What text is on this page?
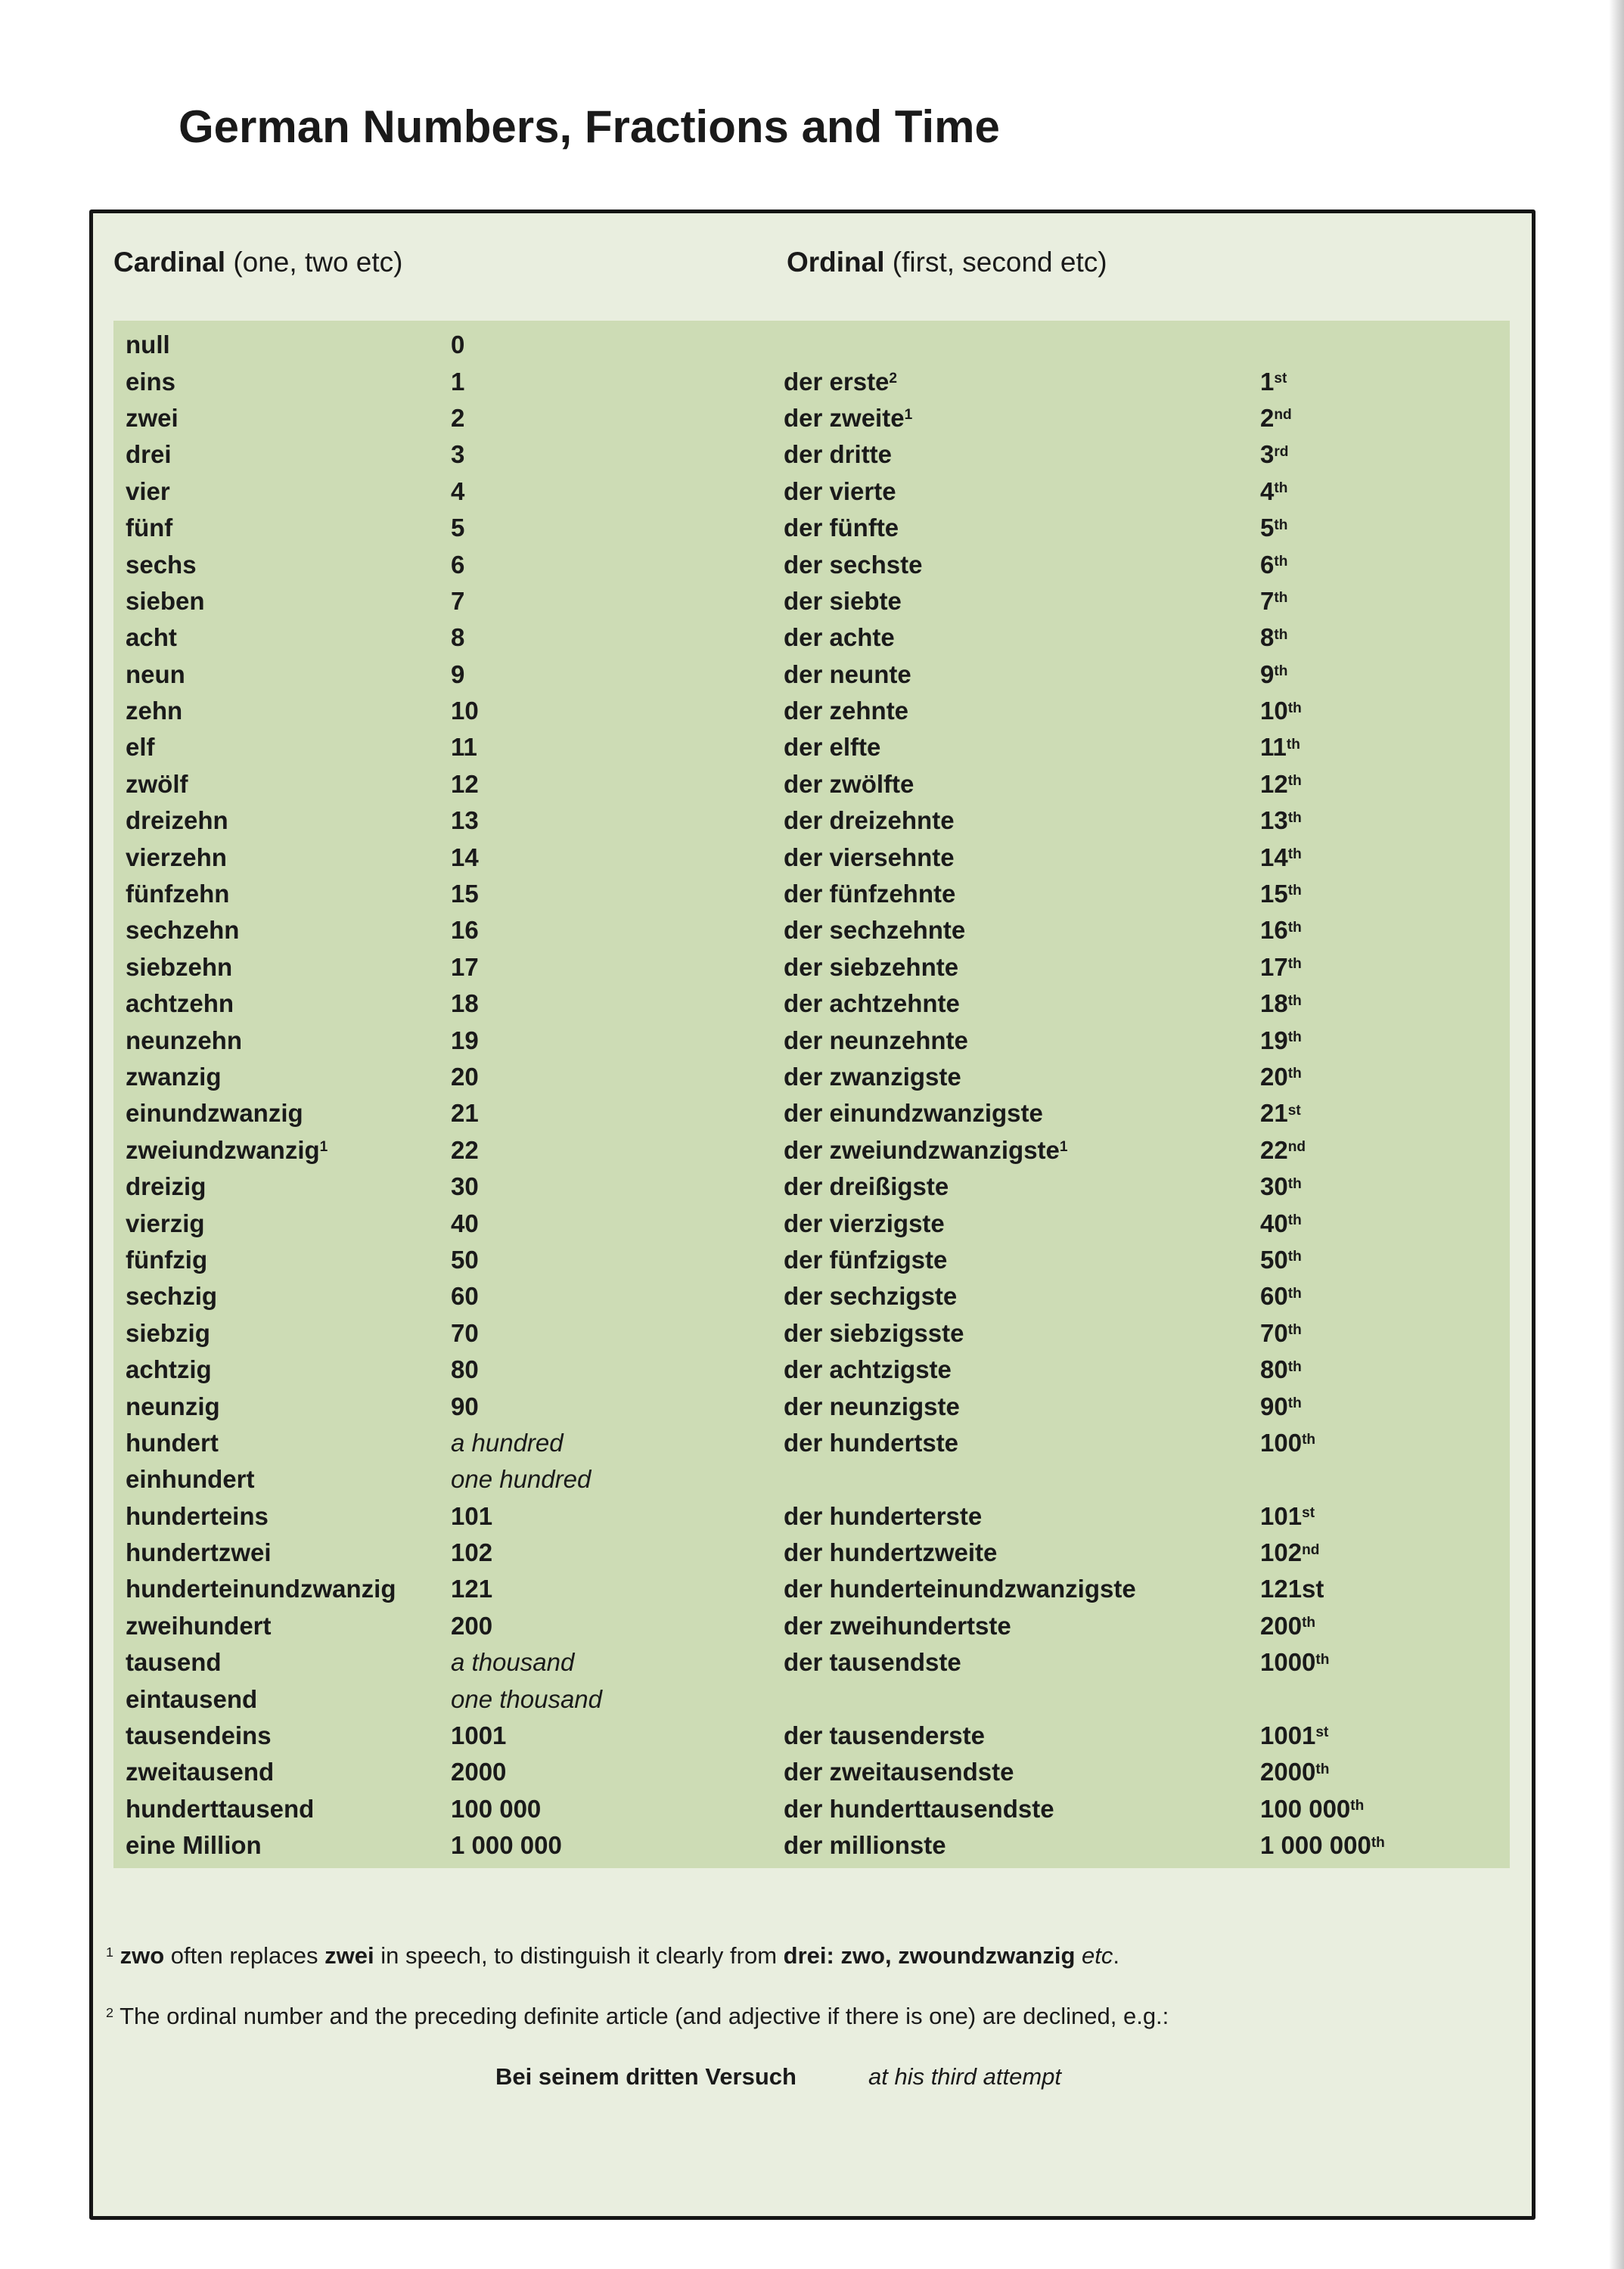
German Numbers, Fractions and Time
Cardinal (one, two etc)	Ordinal (first, second etc)
null	0
eins	1	der erste$^2$	1st
zwei	2	der zweite$^1$	2nd
drei	3	der dritte	3rd
vier	4	der vierte	4th
fünf	5	der fünfte	5th
sechs	6	der sechste	6th
sieben	7	der siebte	7th
acht	8	der achte	8th
neun	9	der neunte	9th
zehn	10	der zehnte	10th
elf	11	der elfte	11th
zwölf	12	der zwölfte	12th
dreizehn	13	der dreizehnte	13th
vierzehn	14	der viersehnte	14th
fünfzehn	15	der fünfzehnte	15th
sechzehn	16	der sechzehnte	16th
siebzehn	17	der siebzehnte	17th
achtzehn	18	der achtzehnte	18th
neunzehn	19	der neunzehnte	19th
zwanzig	20	der zwanzigste	20th
einundzwanzig	21	der einundzwanzigste	21st
zweiundzwanzig$^1$	22	der zweiundzwanzigste$^1$	22nd
dreizig	30	der dreißigste	30th
vierzig	40	der vierzigste	40th
fünfzig	50	der fünfzigste	50th
sechzig	60	der sechzigste	60th
siebzig	70	der siebzigsste	70th
achtzig	80	der achtzigste	80th
neunzig	90	der neunzigste	90th
hundert	a hundred	der hundertste	100th
einhundert	one hundred
hunderteins	101	der hunderterste	101st
hundertzwei	102	der hundertzweite	102nd
hunderteinundzwanzig	121	der hunderteinundzwanzigste	121st
zweihundert	200	der zweihundertste	200th
tausend	a thousand	der tausendste	1000th
eintausend	one thousand
tausendeins	1001	der tausenderste	1001st
zweitausend	2000	der zweitausendste	2000th
hunderttausend	100 000	der hunderttausendste	100 000th
eine Million	1 000 000	der millionste	1 000 000th
$^1$ zwo often replaces zwei in speech, to distinguish it clearly from drei: zwo, zwoundzwanzig etc.
$^2$ The ordinal number and the preceding definite article (and adjective if there is one) are declined, e.g.:
Bei seinem dritten Versuch	at his third attempt
